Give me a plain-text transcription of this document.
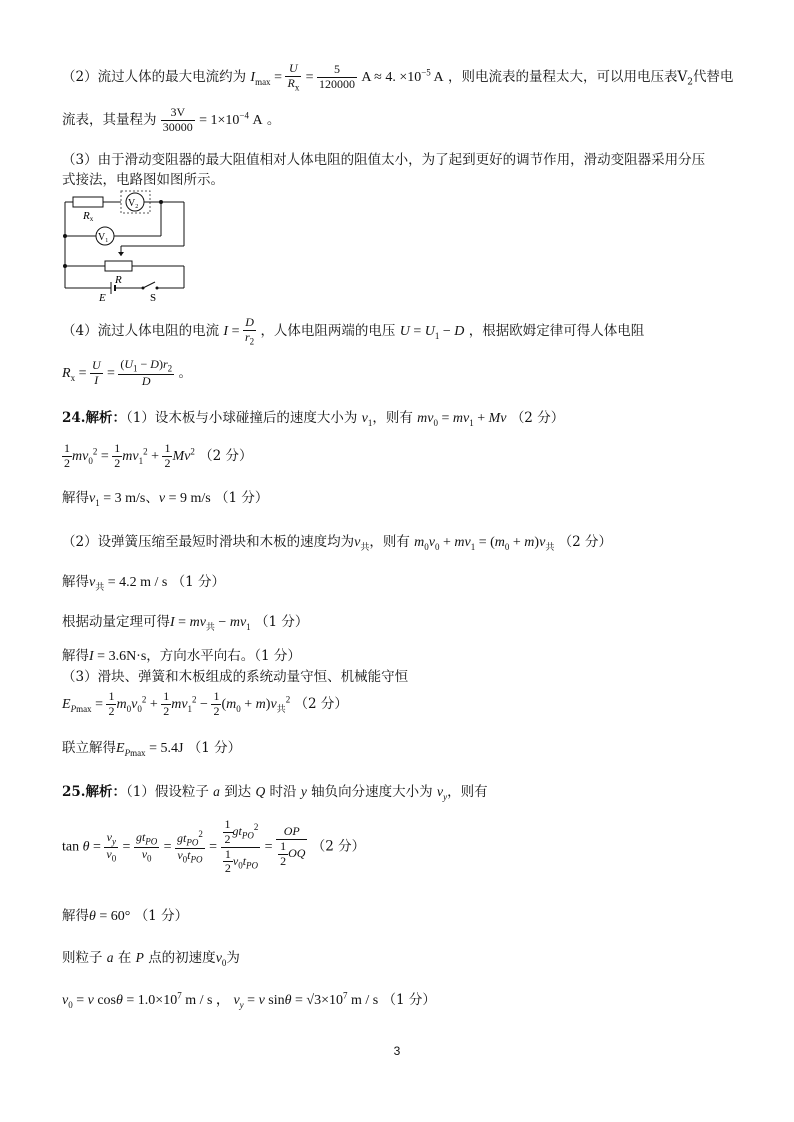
（2）流过人体的最大电流约为 $I_{max} = \frac{U}{R_x} = \frac{5}{120000}$ A ≈ 4. $\times 10^{-5}$ A ，则电流表的量程太大，可以用电压表$V_2$代替电
流表，其量程为 $\frac{3V}{30000} = 1\times 10^{-4}$ A 。
（3）由于滑动变阻器的最大阻值相对人体电阻的阻值太小，为了起到更好的调节作用，滑动变阻器采用分压
式接法，电路图如图所示。
Rx
$V_2$
$V_1$
R
E	S
（4）流过人体电阻的电流 $I = \frac{D}{r_2}$ ，人体电阻两端的电压 $U = U_1 - D$ ，根据欧姆定律可得人体电阻
$R_x = \frac{U}{I} = \frac{(U_1 - D)r_2}{D}$ 。
24.解析：（1）设木板与小球碰撞后的速度大小为 $v_1$，则有 $mv_0 = mv_1 + Mv$ （2 分）
$\frac{1}{2} mv_0^2 = \frac{1}{2} mv_1^2 + \frac{1}{2} Mv^2$ （2 分）
解得$v_1 = 3$ m/s、v = 9 m/s （1 分）
（2）设弹簧压缩至最短时滑块和木板的速度均为$v_共$，则有 $m_0v_0 + mv_1 = (m_0 + m)v_共$ （2 分）
解得$v_共 = 4.2$ m / s （1 分）
根据动量定理可得$I = mv_共 - mv_1$ （1 分）
解得I = 3.6N·s，方向水平向右。（1 分）
（3）滑块、弹簧和木板组成的系统动量守恒、机械能守恒
$E_{Pmax} = \frac{1}{2} m_0v_0^2 + \frac{1}{2} mv_1^2 - \frac{1}{2} (m_0 + m)v_共^2$ （2 分）
联立解得$E_{Pmax} = 5.4J$ （1 分）
25.解析：（1）假设粒子 a 到达 Q 时沿 y 轴负向分速度大小为 $v_y$，则有
$\tan \theta = \frac{v_y}{v_0} = \frac{gt_{PO}}{v_0} = \frac{gt_{PO}^2}{v_0t_{PO}} = \frac{\frac{1}{2} gt_{PO}^2}{\frac{1}{2} v_0t_{PO}} = \frac{OP}{\frac{1}{2} OQ} (2$ 分）
解得θ = 60° （1 分）
则粒子 a 在 P 点的初速度$v_0$为
$v_0 = v$ $\cos\theta = 1.0\times 10^7$ m / s ， $v_y = v$ $\sin\theta = √3\times 10^7$ m / s （1 分）
3
